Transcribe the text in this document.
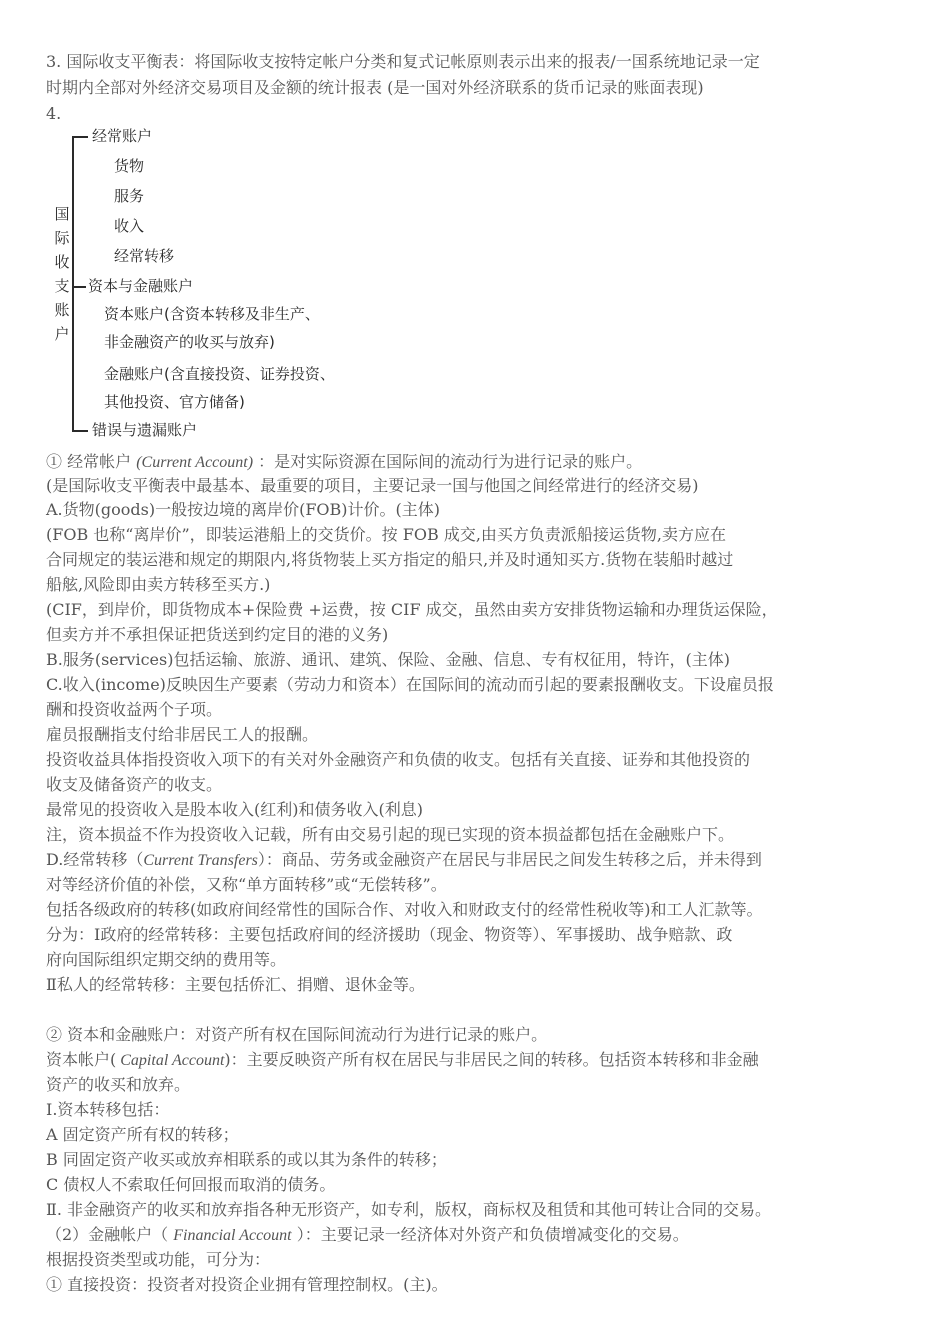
3. 国际收支平衡表：将国际收支按特定帐户分类和复式记帐原则表示出来的报表/一国系统地记录一定

时期内全部对外经济交易项目及金额的统计报表 (是一国对外经济联系的货币记录的账面表现)

4.

国
际
收
支
账
户
经常账户
货物
服务
收入
经常转移
资本与金融账户
资本账户(含资本转移及非生产、
非金融资产的收买与放弃)
金融账户(含直接投资、证券投资、
其他投资、官方储备)
错误与遗漏账户

① 经常帐户 (Current Account) ：是对实际资源在国际间的流动行为进行记录的账户。

(是国际收支平衡表中最基本、最重要的项目，主要记录一国与他国之间经常进行的经济交易)

A.货物(goods)一般按边境的离岸价(FOB)计价。(主体)

(FOB 也称“离岸价”，即装运港船上的交货价。按 FOB 成交,由买方负责派船接运货物,卖方应在

合同规定的装运港和规定的期限内,将货物装上买方指定的船只,并及时通知买方.货物在装船时越过

船舷,风险即由卖方转移至买方.)

(CIF，到岸价，即货物成本+保险费 +运费，按 CIF 成交，虽然由卖方安排货物运输和办理货运保险，

但卖方并不承担保证把货送到约定目的港的义务)

B.服务(services)包括运输、旅游、通讯、建筑、保险、金融、信息、专有权征用，特许，(主体)

C.收入(income)反映因生产要素（劳动力和资本）在国际间的流动而引起的要素报酬收支。下设雇员报

酬和投资收益两个子项。

雇员报酬指支付给非居民工人的报酬。

投资收益具体指投资收入项下的有关对外金融资产和负债的收支。包括有关直接、证券和其他投资的

收支及储备资产的收支。

最常见的投资收入是股本收入(红利)和债务收入(利息)

注，资本损益不作为投资收入记载，所有由交易引起的现已实现的资本损益都包括在金融账户下。

D.经常转移（Current Transfers）：商品、劳务或金融资产在居民与非居民之间发生转移之后，并未得到

对等经济价值的补偿，又称“单方面转移”或“无偿转移”。

包括各级政府的转移(如政府间经常性的国际合作、对收入和财政支付的经常性税收等)和工人汇款等。

分为：Ⅰ政府的经常转移：主要包括政府间的经济援助（现金、物资等）、军事援助、战争赔款、政

府向国际组织定期交纳的费用等。

Ⅱ私人的经常转移：主要包括侨汇、捐赠、退休金等。

② 资本和金融账户：对资产所有权在国际间流动行为进行记录的账户。

资本帐户( Capital Account)：主要反映资产所有权在居民与非居民之间的转移。包括资本转移和非金融

资产的收买和放弃。

I.资本转移包括：

A 固定资产所有权的转移；

B 同固定资产收买或放弃相联系的或以其为条件的转移；

C 债权人不索取任何回报而取消的债务。

Ⅱ. 非金融资产的收买和放弃指各种无形资产，如专利，版权，商标权及租赁和其他可转让合同的交易。

（2）金融帐户（ Financial Account ）：主要记录一经济体对外资产和负债增减变化的交易。

根据投资类型或功能，可分为：

① 直接投资：投资者对投资企业拥有管理控制权。(主)。
